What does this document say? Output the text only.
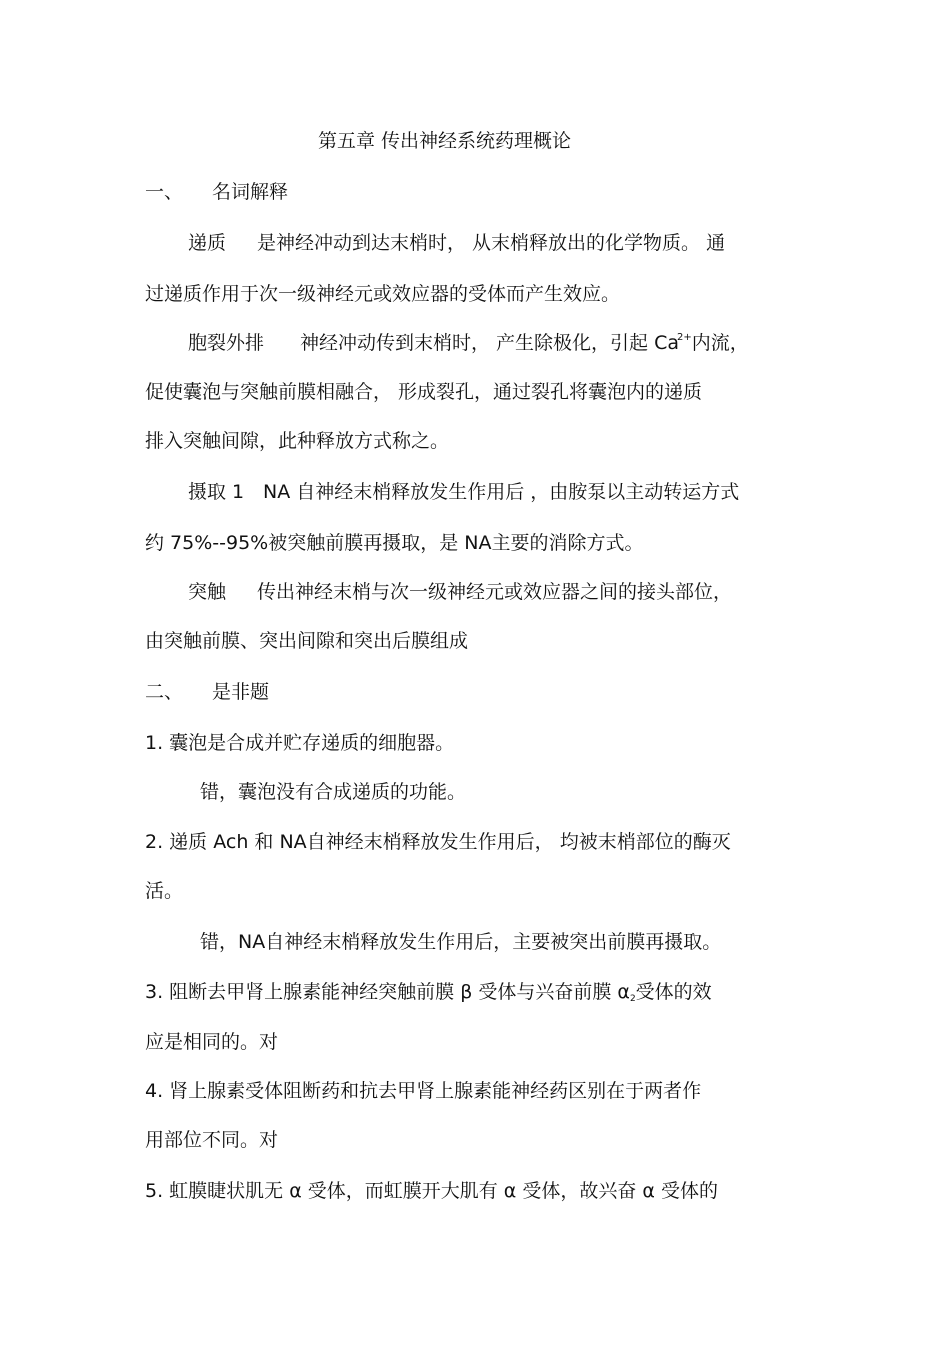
第五章 传出神经系统药理概论
一、 名词解释
递质 是神经冲动到达末梢时， 从末梢释放出的化学物质。 通
过递质作用于次一级神经元或效应器的受体而产生效应。
胞裂外排 神经冲动传到末梢时， 产生除极化，引起 $Ca^{2+}$内流，
促使囊泡与突触前膜相融合， 形成裂孔，通过裂孔将囊泡内的递质
排入突触间隙，此种释放方式称之。
摄取 1 NA 自神经末梢释放发生作用后 ，由胺泵以主动转运方式
约 75%--95%被突触前膜再摄取，是 NA主要的消除方式。
突触 传出神经末梢与次一级神经元或效应器之间的接头部位，
由突触前膜、突出间隙和突出后膜组成
二、 是非题
1. 囊泡是合成并贮存递质的细胞器。
错，囊泡没有合成递质的功能。
2. 递质 Ach 和 NA自神经末梢释放发生作用后， 均被末梢部位的酶灭
活。
错，NA自神经末梢释放发生作用后，主要被突出前膜再摄取。
3. 阻断去甲肾上腺素能神经突触前膜 β 受体与兴奋前膜 α2受体的效
应是相同的。对
4. 肾上腺素受体阻断药和抗去甲肾上腺素能神经药区别在于两者作
用部位不同。对
5. 虹膜睫状肌无 α 受体，而虹膜开大肌有 α 受体，故兴奋 α 受体的
